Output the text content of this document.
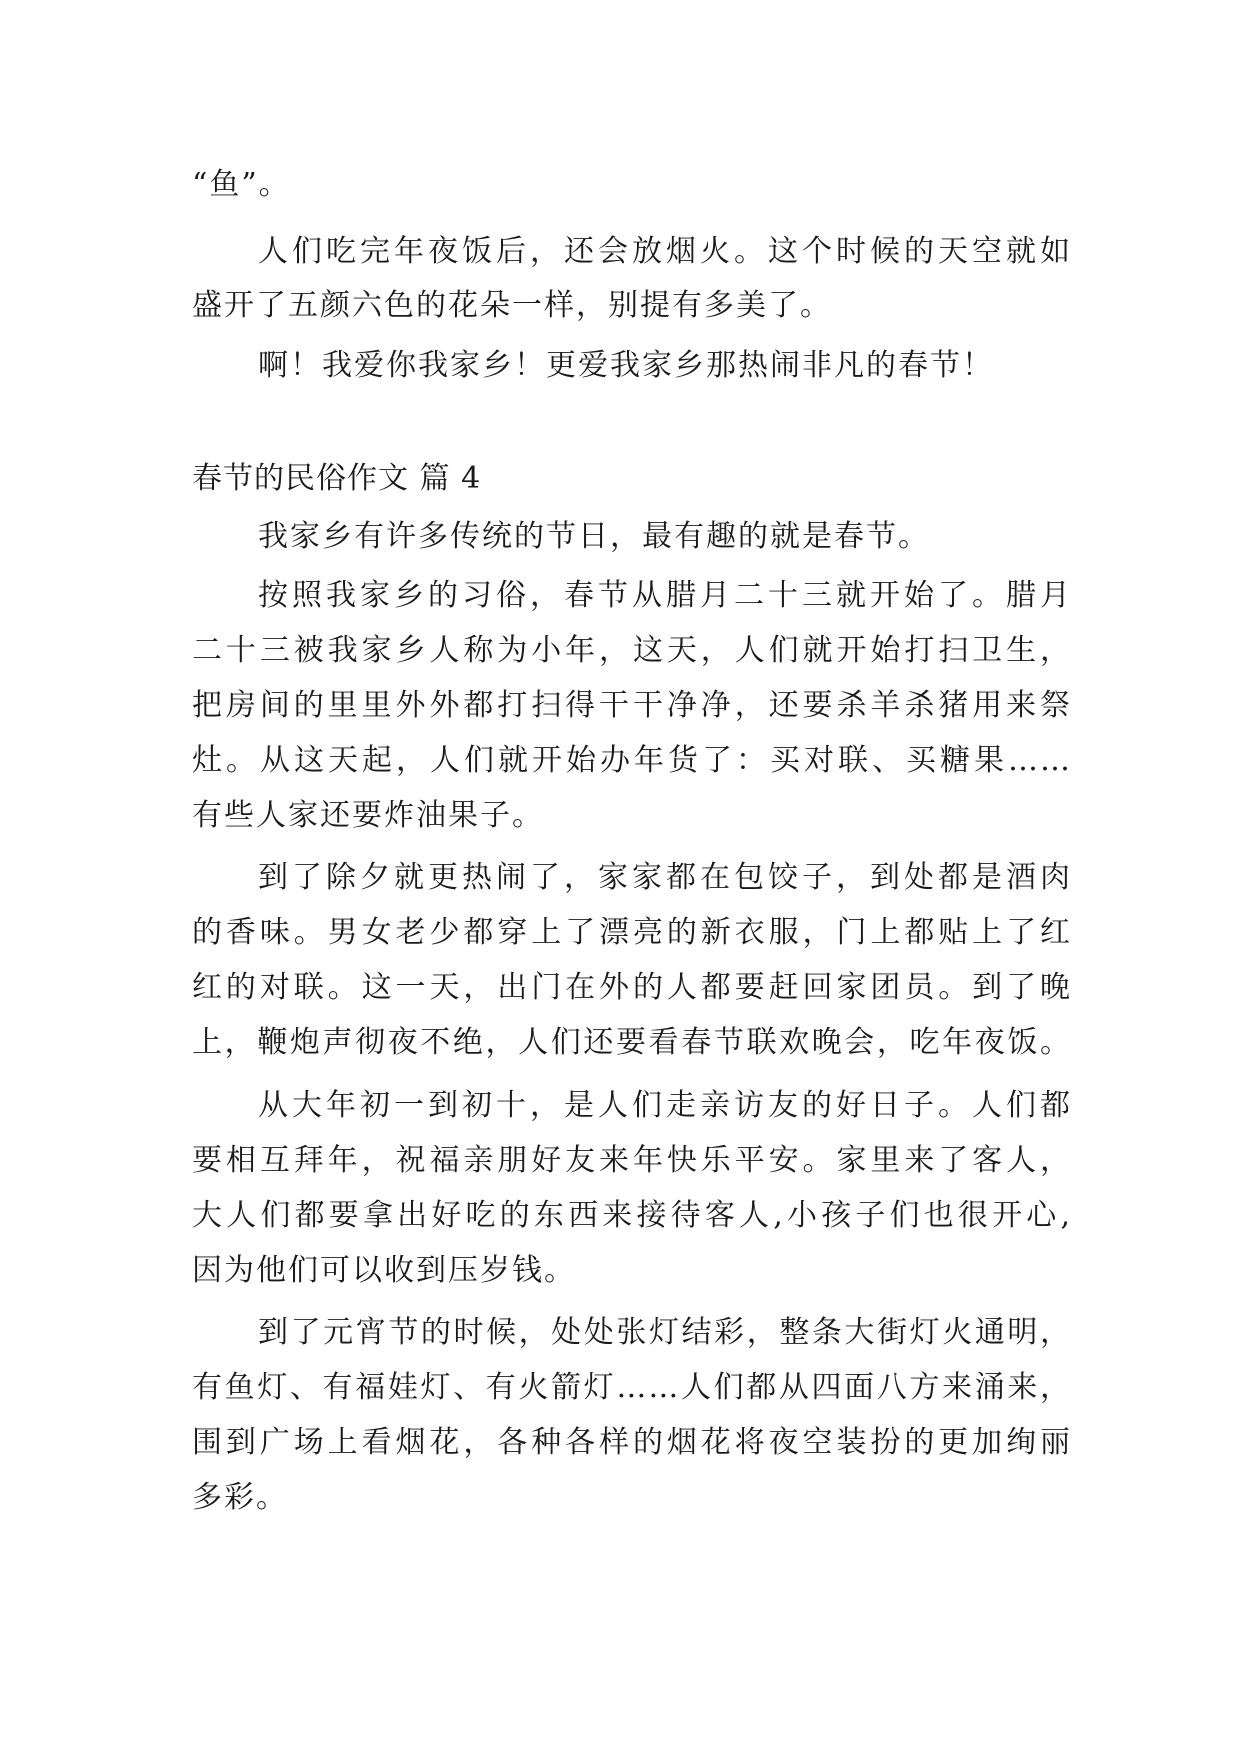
“鱼”。
人们吃完年夜饭后，还会放烟火。这个时候的天空就如
盛开了五颜六色的花朵一样，别提有多美了。
啊！我爱你我家乡！更爱我家乡那热闹非凡的春节！
春节的民俗作文 篇 4
我家乡有许多传统的节日，最有趣的就是春节。
按照我家乡的习俗，春节从腊月二十三就开始了。腊月
二十三被我家乡人称为小年，这天，人们就开始打扫卫生，
把房间的里里外外都打扫得干干净净，还要杀羊杀猪用来祭
灶。从这天起，人们就开始办年货了：买对联、买糖果……
有些人家还要炸油果子。
到了除夕就更热闹了，家家都在包饺子，到处都是酒肉
的香味。男女老少都穿上了漂亮的新衣服，门上都贴上了红
红的对联。这一天，出门在外的人都要赶回家团员。到了晚
上，鞭炮声彻夜不绝，人们还要看春节联欢晚会，吃年夜饭。
从大年初一到初十，是人们走亲访友的好日子。人们都
要相互拜年，祝福亲朋好友来年快乐平安。家里来了客人，
大人们都要拿出好吃的东西来接待客人,小孩子们也很开心,
因为他们可以收到压岁钱。
到了元宵节的时候，处处张灯结彩，整条大街灯火通明，
有鱼灯、有福娃灯、有火箭灯……人们都从四面八方来涌来，
围到广场上看烟花，各种各样的烟花将夜空装扮的更加绚丽
多彩。
